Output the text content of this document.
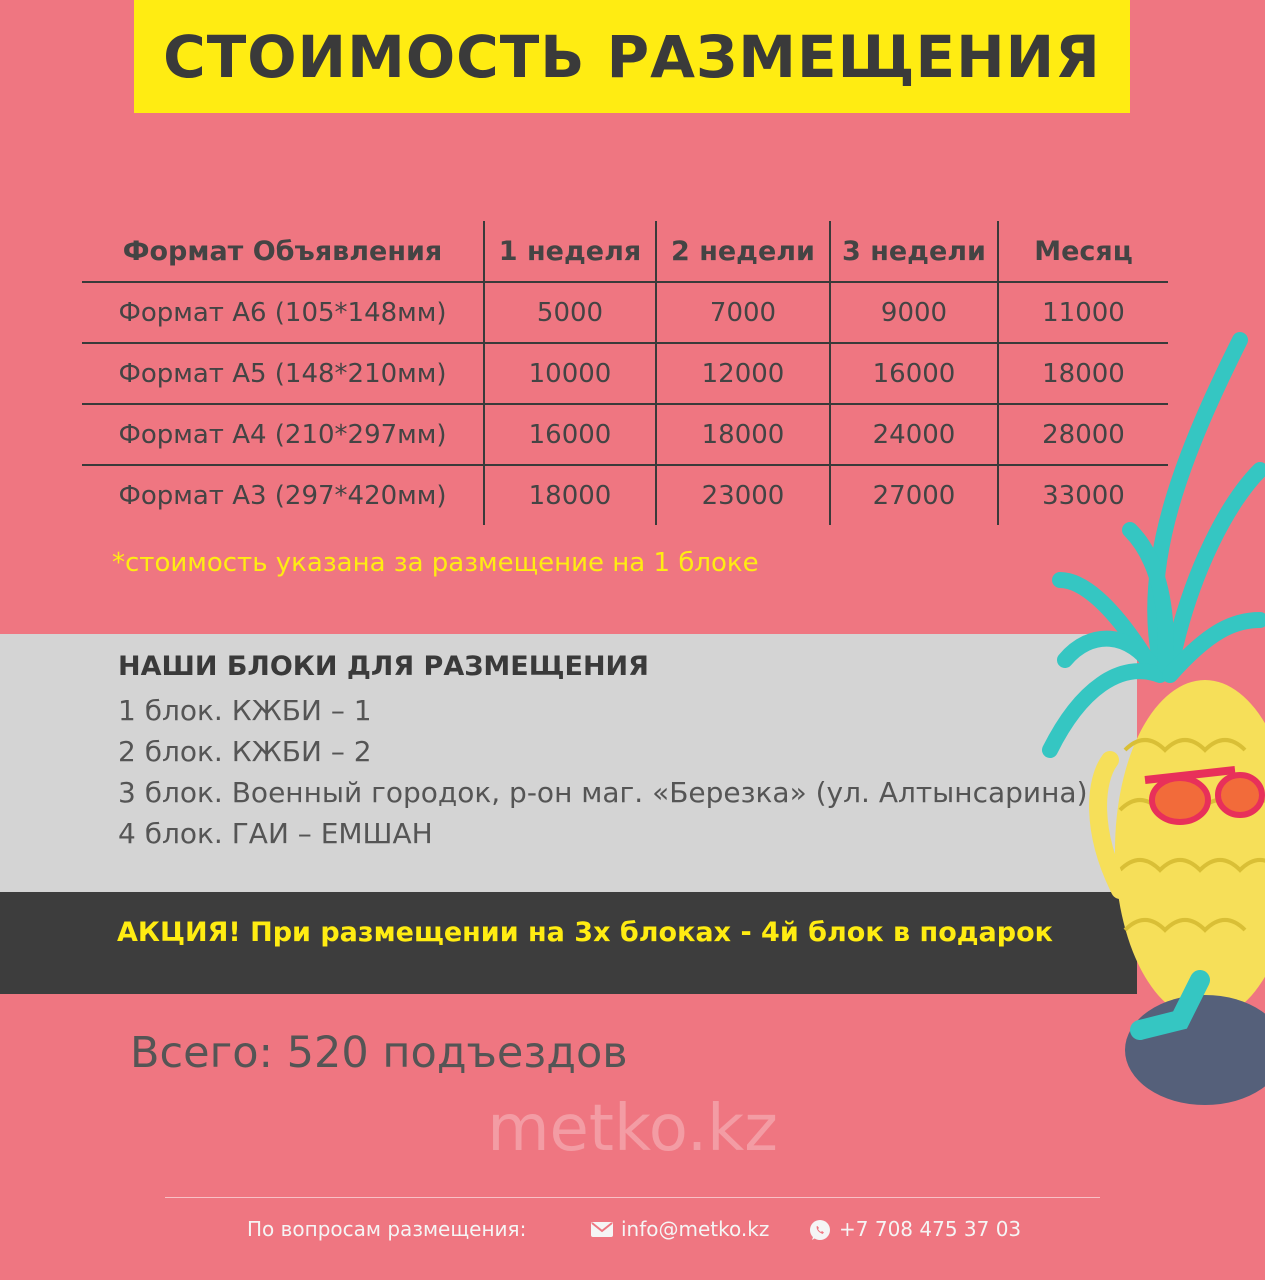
СТОИМОСТЬ РАЗМЕЩЕНИЯ
Формат Объявления	1 неделя	2 недели	3 недели	Месяц
Формат А6 (105*148мм)	5000	7000	9000	11000
Формат А5 (148*210мм)	10000	12000	16000	18000
Формат А4 (210*297мм)	16000	18000	24000	28000
Формат А3 (297*420мм)	18000	23000	27000	33000
*стоимость указана за размещение на 1 блоке
НАШИ БЛОКИ ДЛЯ РАЗМЕЩЕНИЯ
1 блок. КЖБИ – 1
2 блок. КЖБИ – 2
3 блок. Военный городок, р-он маг. «Березка» (ул. Алтынсарина)
4 блок. ГАИ – ЕМШАН
АКЦИЯ! При размещении на 3х блоках - 4й блок в подарок
Всего: 520 подъездов
metko.kz
По вопросам размещения:	info@metko.kz	+7 708 475 37 03
